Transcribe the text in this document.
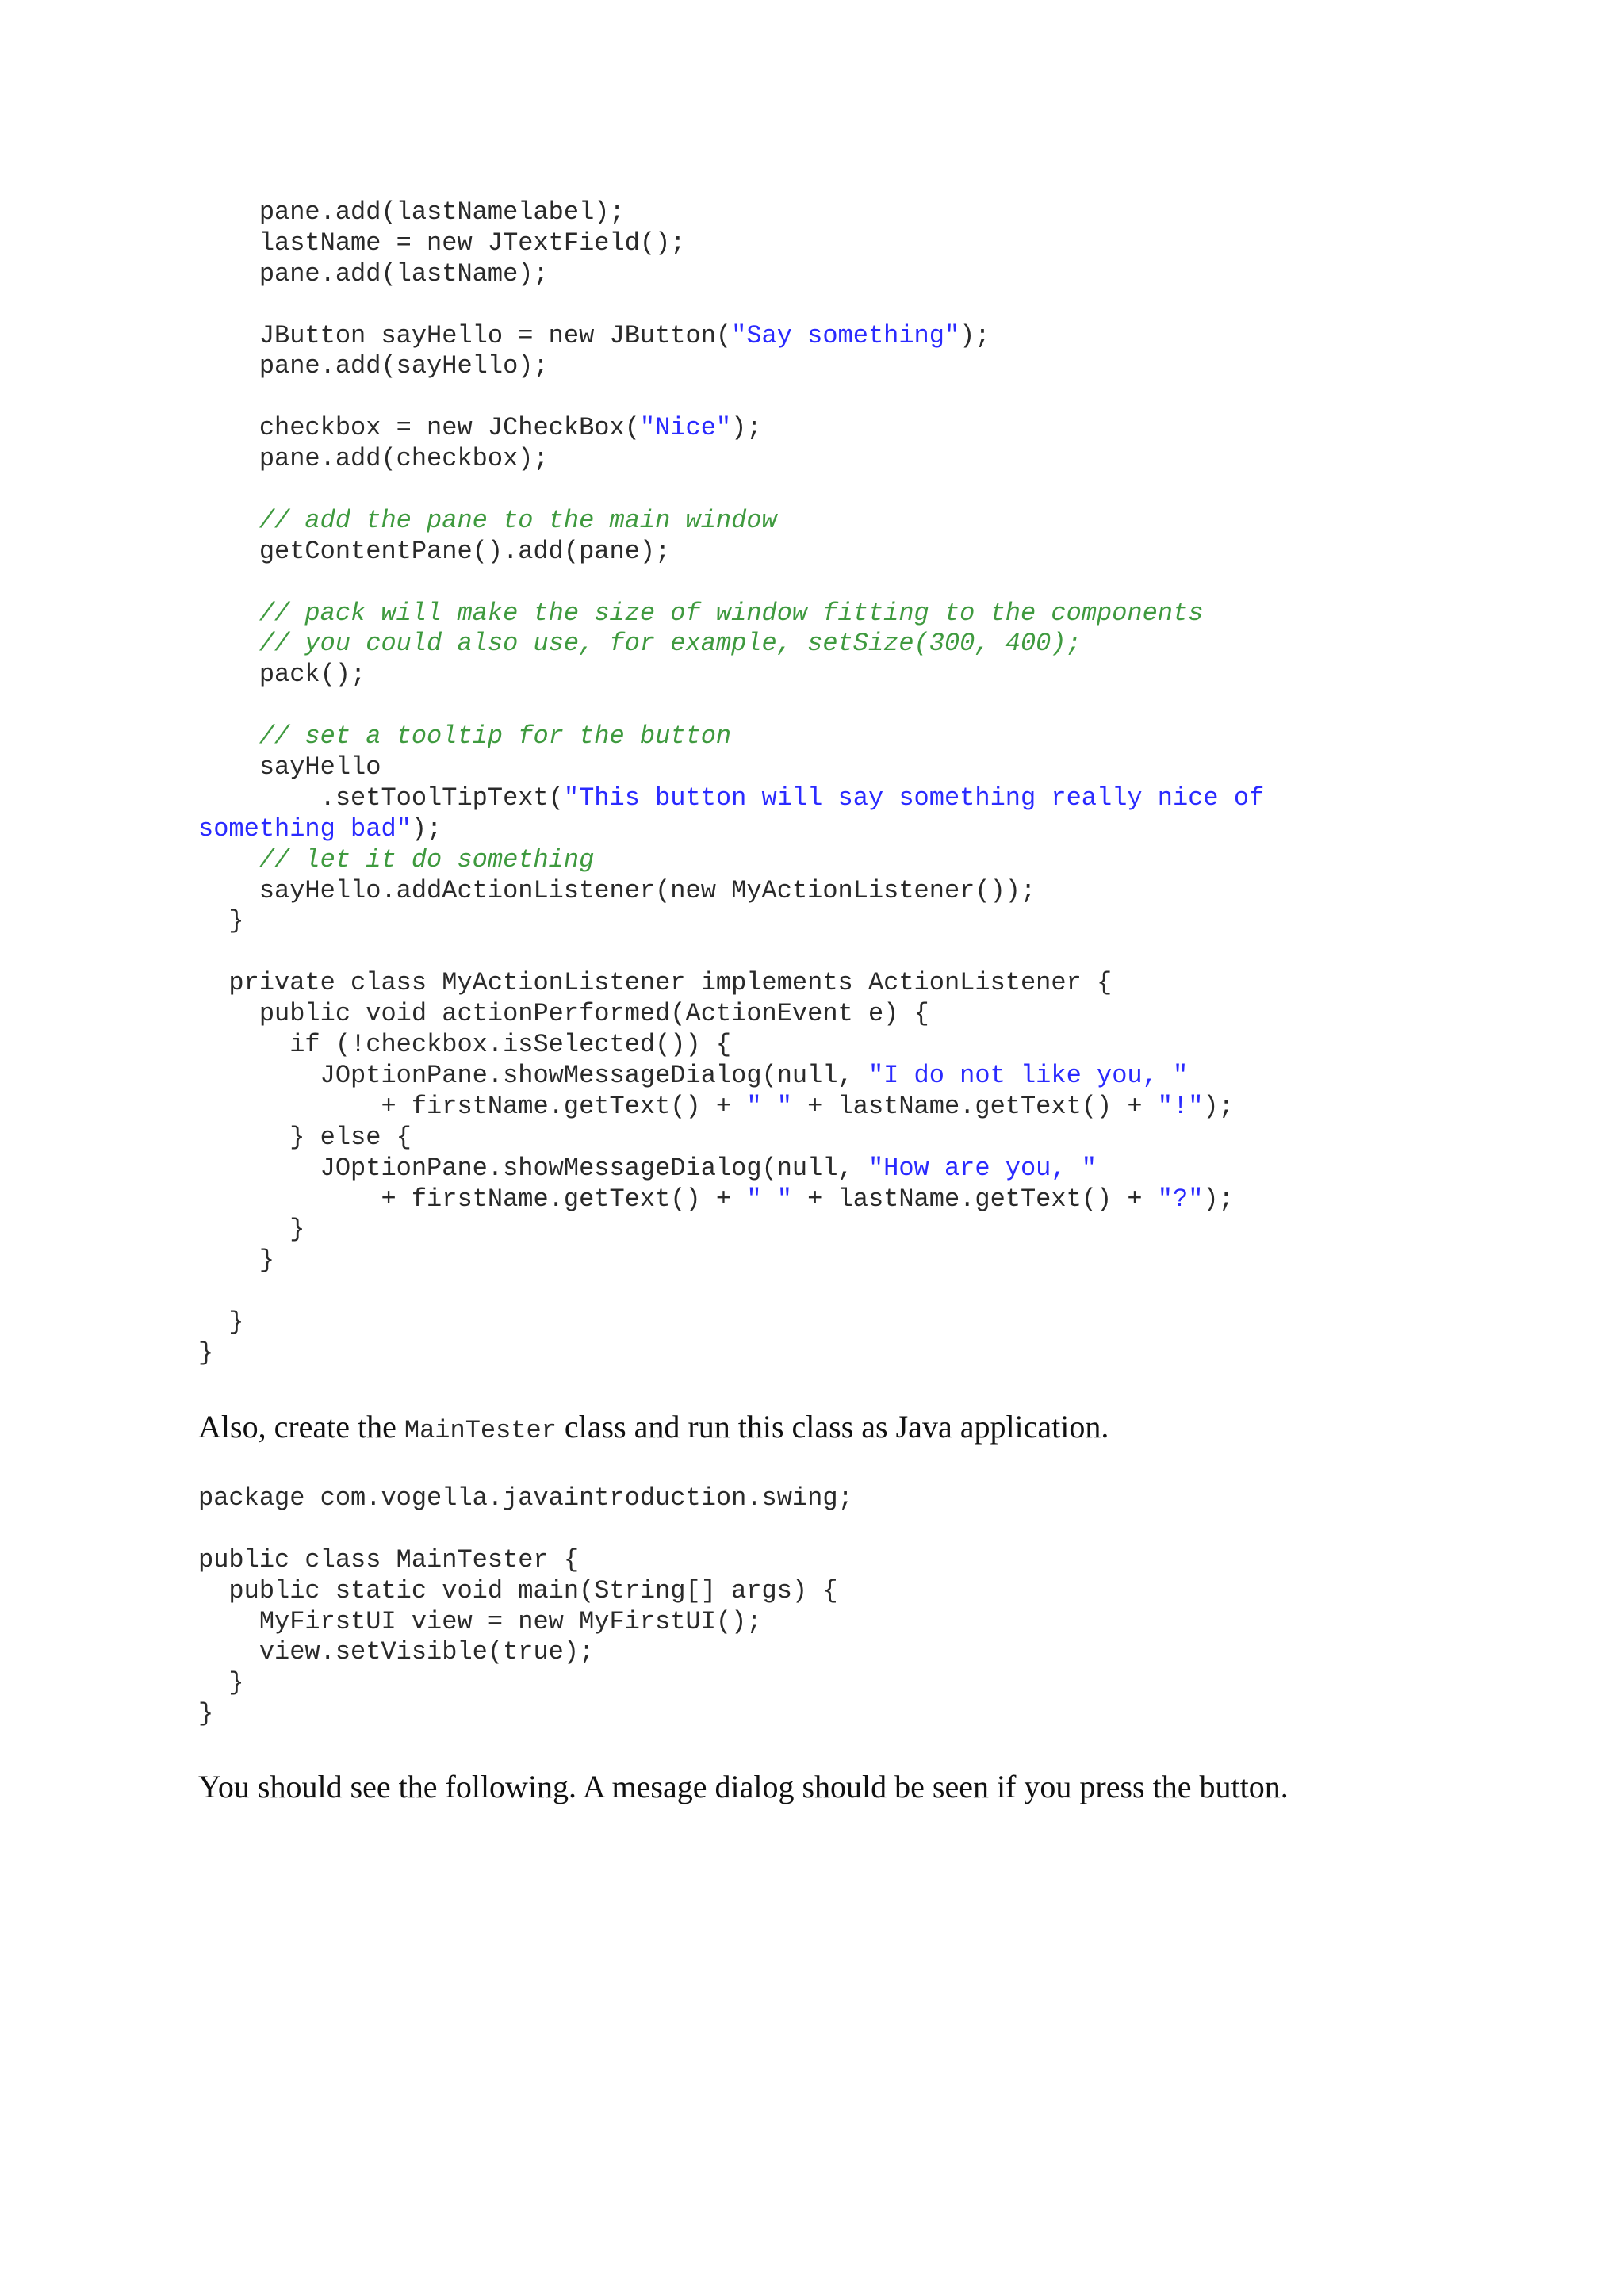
pane.add(lastNamelabel);
lastName = new JTextField();
pane.add(lastName);
JButton sayHello = new JButton("Say something");
pane.add(sayHello);
checkbox = new JCheckBox("Nice");
pane.add(checkbox);
// add the pane to the main window
getContentPane().add(pane);
// pack will make the size of window fitting to the components
// you could also use, for example, setSize(300, 400);
pack();
// set a tooltip for the button
sayHello
.setToolTipText("This button will say something really nice of
something bad");
// let it do something
sayHello.addActionListener(new MyActionListener());
}
private class MyActionListener implements ActionListener {
public void actionPerformed(ActionEvent e) {
if (!checkbox.isSelected()) {
JOptionPane.showMessageDialog(null, "I do not like you, "
+ firstName.getText() + " " + lastName.getText() + "!");
} else {
JOptionPane.showMessageDialog(null, "How are you, "
+ firstName.getText() + " " + lastName.getText() + "?");
}
}
}
}

Also, create the MainTester class and run this class as Java application.

package com.vogella.javaintroduction.swing;
public class MainTester {
public static void main(String[] args) {
MyFirstUI view = new MyFirstUI();
view.setVisible(true);
}
}

You should see the following. A mesage dialog should be seen if you press the button.
